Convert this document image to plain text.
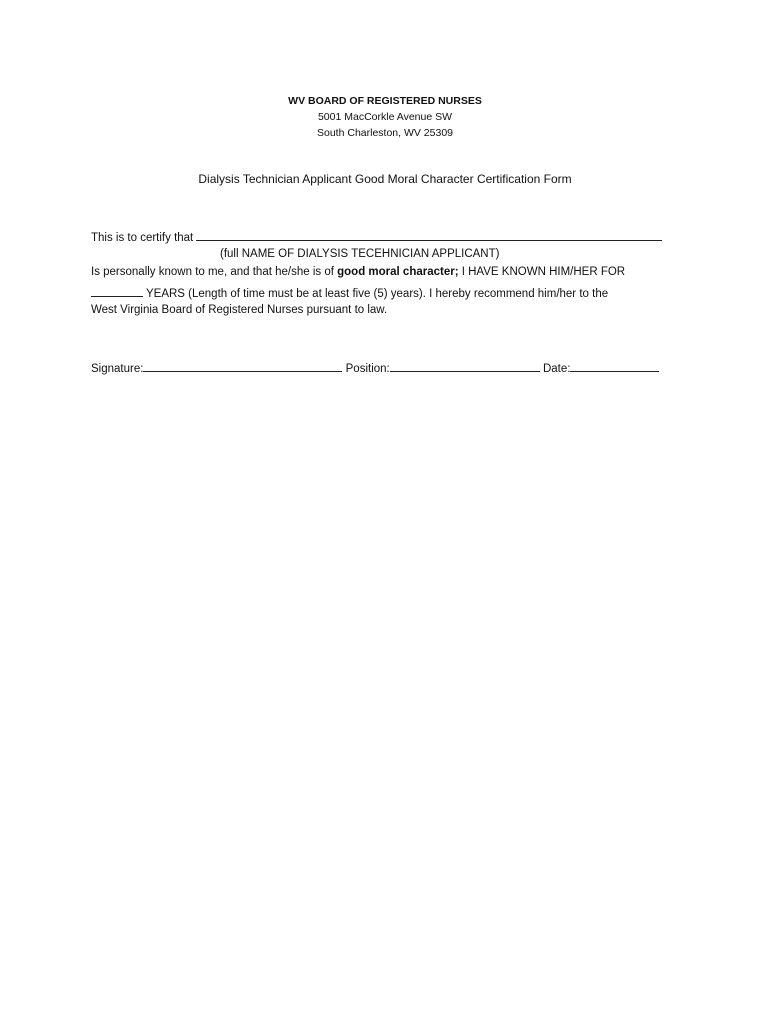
WV BOARD OF REGISTERED NURSES
5001 MacCorkle Avenue SW
South Charleston, WV 25309
Dialysis Technician Applicant Good Moral Character Certification Form
This is to certify that
(full NAME OF DIALYSIS TECEHNICIAN APPLICANT)
Is personally known to me, and that he/she is of good moral character; I HAVE KNOWN HIM/HER FOR
YEARS (Length of time must be at least five (5) years). I hereby recommend him/her to the
West Virginia Board of Registered Nurses pursuant to law.
Signature:	Position:	Date:
